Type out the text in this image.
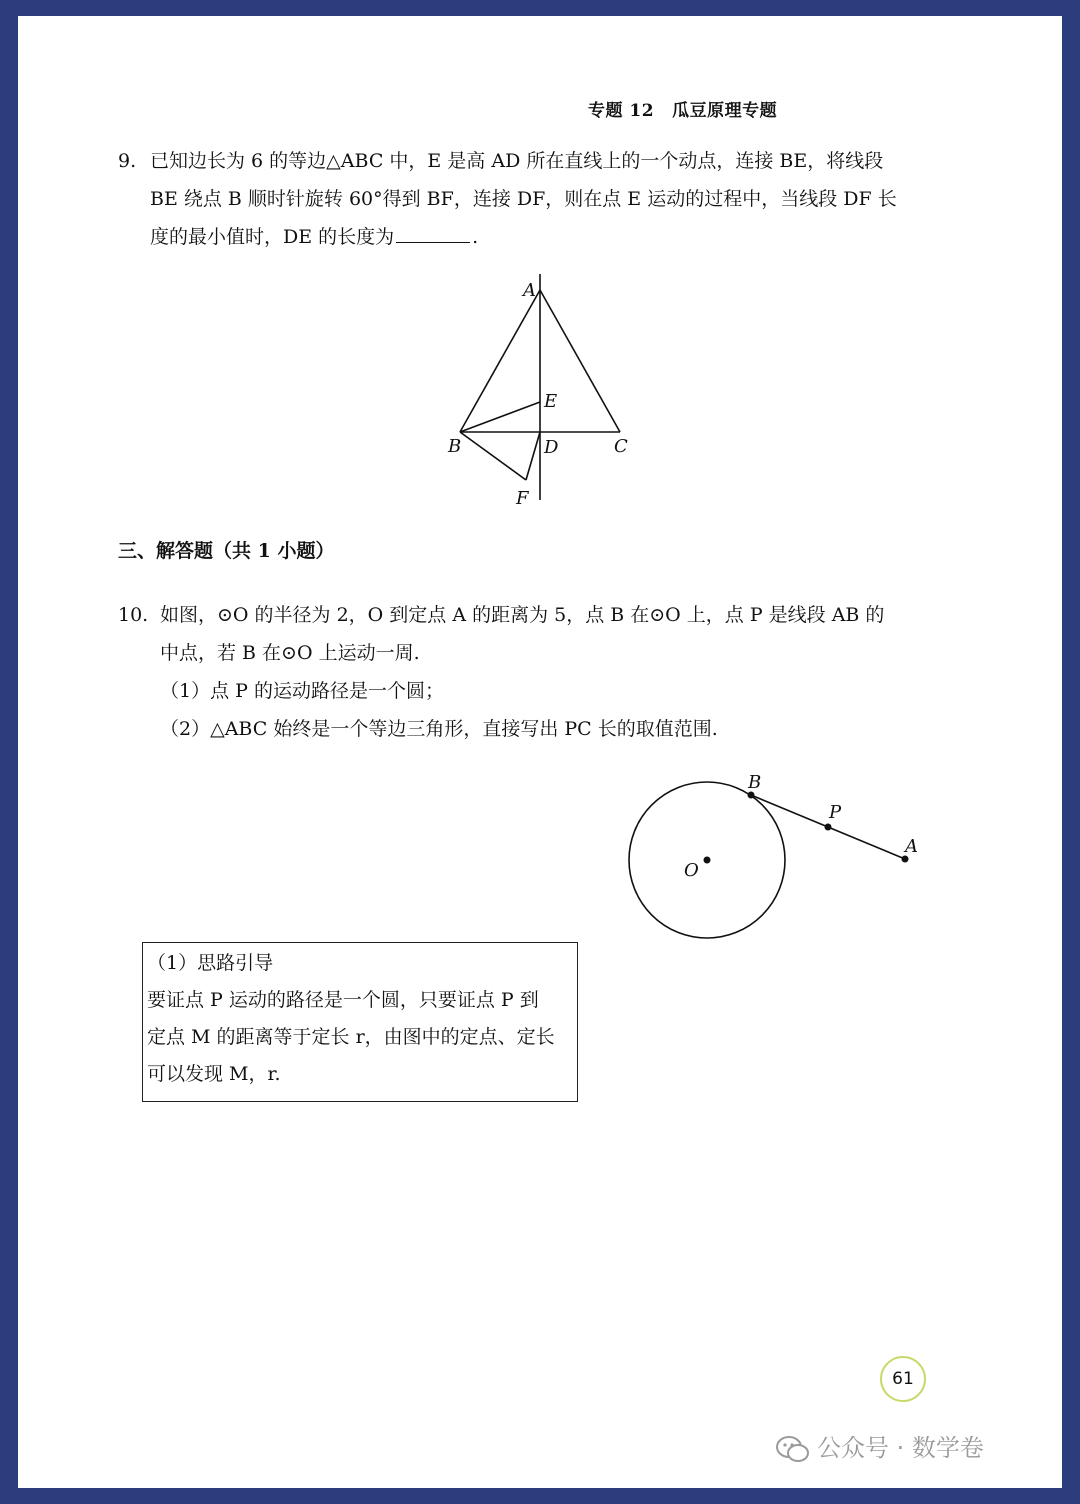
专题 12 瓜豆原理专题
9. 已知边长为 6 的等边△ABC 中，E 是高 AD 所在直线上的一个动点，连接 BE，将线段
BE 绕点 B 顺时针旋转 60°得到 BF，连接 DF，则在点 E 运动的过程中，当线段 DF 长
度的最小值时，DE 的长度为	.
A
E
B	D	C
F
三、解答题（共 1 小题）
10. 如图，⊙O 的半径为 2，O 到定点 A 的距离为 5，点 B 在⊙O 上，点 P 是线段 AB 的
中点，若 B 在⊙O 上运动一周.
（1）点 P 的运动路径是一个圆；
（2）△ABC 始终是一个等边三角形，直接写出 PC 长的取值范围.
B
P
A
O
（1）思路引导
要证点 P 运动的路径是一个圆，只要证点 P 到
定点 M 的距离等于定长 r，由图中的定点、定长
可以发现 M，r.
61
公众号 · 数学卷
